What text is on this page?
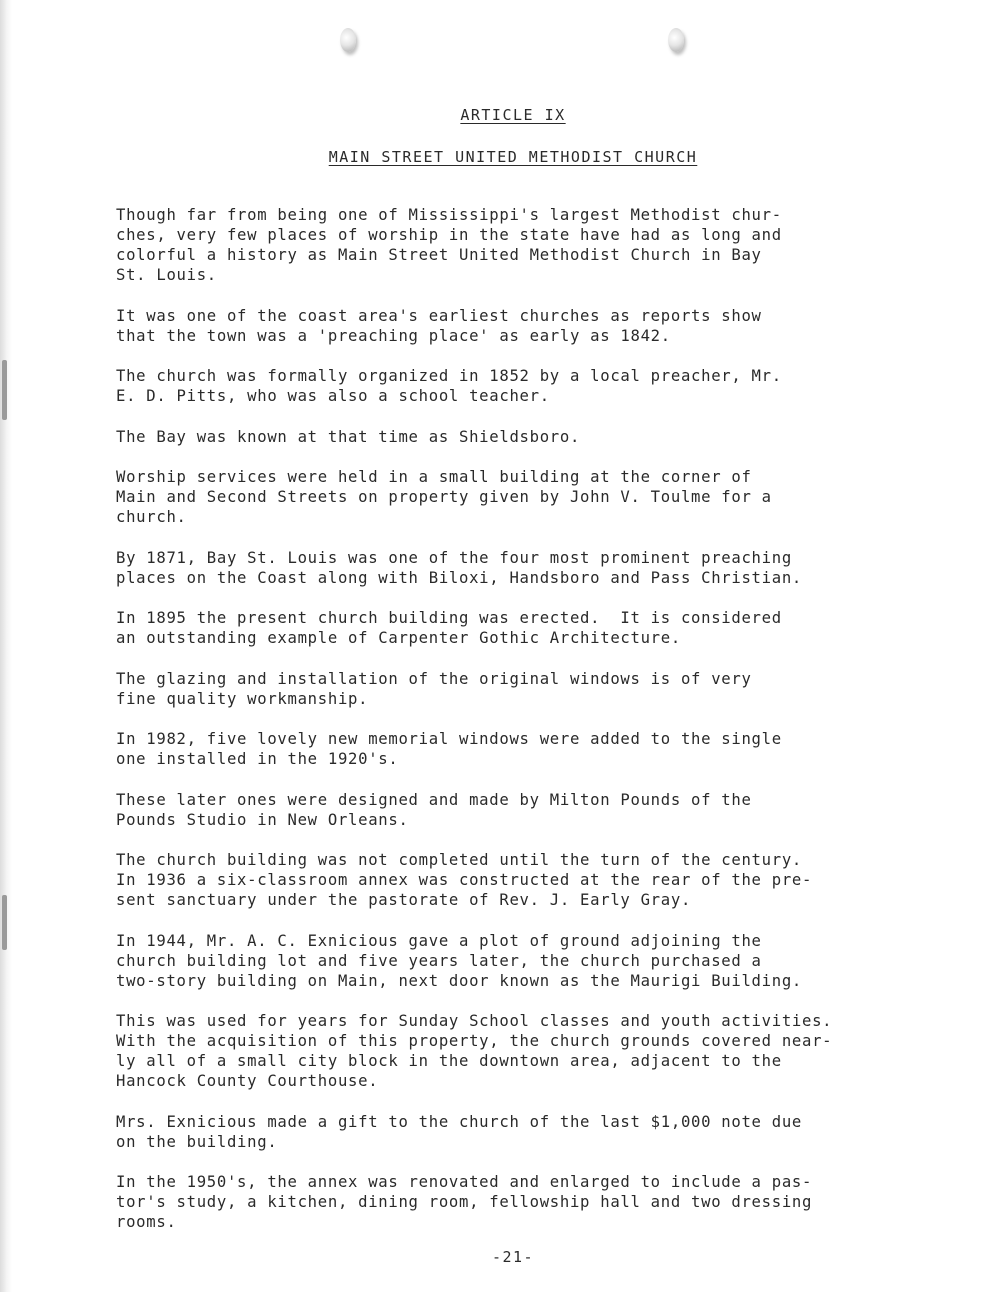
ARTICLE IX
MAIN STREET UNITED METHODIST CHURCH

Though far from being one of Mississippi's largest Methodist chur-
ches, very few places of worship in the state have had as long and
colorful a history as Main Street United Methodist Church in Bay
St. Louis.

It was one of the coast area's earliest churches as reports show
that the town was a 'preaching place' as early as 1842.

The church was formally organized in 1852 by a local preacher, Mr.
E. D. Pitts, who was also a school teacher.

The Bay was known at that time as Shieldsboro.

Worship services were held in a small building at the corner of
Main and Second Streets on property given by John V. Toulme for a
church.

By 1871, Bay St. Louis was one of the four most prominent preaching
places on the Coast along with Biloxi, Handsboro and Pass Christian.

In 1895 the present church building was erected.  It is considered
an outstanding example of Carpenter Gothic Architecture.

The glazing and installation of the original windows is of very
fine quality workmanship.

In 1982, five lovely new memorial windows were added to the single
one installed in the 1920's.

These later ones were designed and made by Milton Pounds of the
Pounds Studio in New Orleans.

The church building was not completed until the turn of the century.
In 1936 a six-classroom annex was constructed at the rear of the pre-
sent sanctuary under the pastorate of Rev. J. Early Gray.

In 1944, Mr. A. C. Exnicious gave a plot of ground adjoining the
church building lot and five years later, the church purchased a
two-story building on Main, next door known as the Maurigi Building.

This was used for years for Sunday School classes and youth activities.
With the acquisition of this property, the church grounds covered near-
ly all of a small city block in the downtown area, adjacent to the
Hancock County Courthouse.

Mrs. Exnicious made a gift to the church of the last $1,000 note due
on the building.

In the 1950's, the annex was renovated and enlarged to include a pas-
tor's study, a kitchen, dining room, fellowship hall and two dressing
rooms.

-21-
